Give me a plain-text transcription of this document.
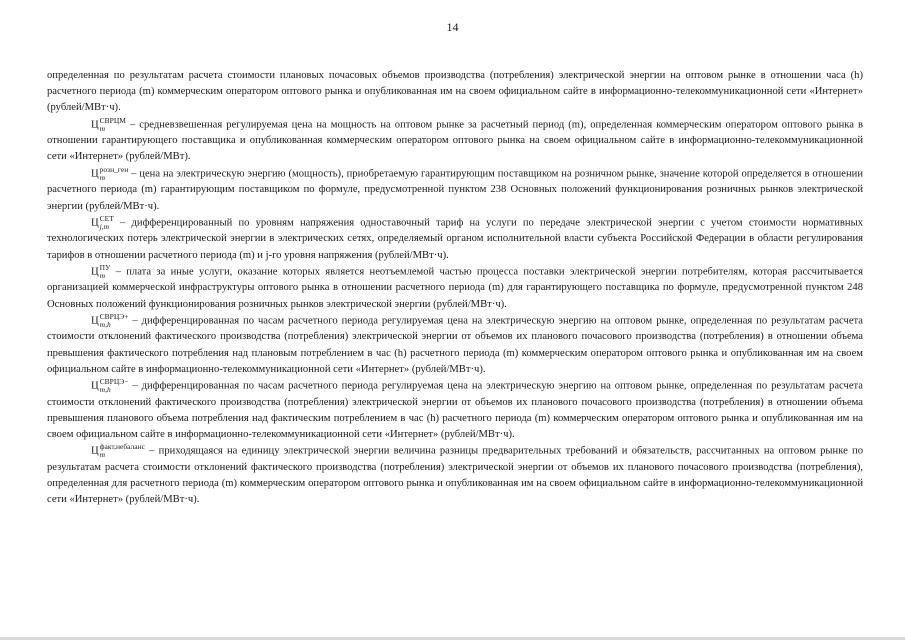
14

определенная по результатам расчета стоимости плановых почасовых объемов производства (потребления) электрической энергии на оптовом рынке в отношении часа (h) расчетного периода (m) коммерческим оператором оптового рынка и опубликованная им на своем официальном сайте в информационно-телекоммуникационной сети «Интернет» (рублей/МВт·ч).

Ц СВРЦМ
m	– средневзвешенная регулируемая цена на мощность на оптовом рынке за расчетный период (m), определенная коммерческим оператором оптового рынка в отношении гарантирующего поставщика и опубликованная коммерческим оператором оптового рынка на своем официальном сайте в информационно-телекоммуникационной сети «Интернет» (рублей/МВт).

Ц розн_ген
m	– цена на электрическую энергию (мощность), приобретаемую гарантирующим поставщиком на розничном рынке, значение которой определяется в отношении расчетного периода (m) гарантирующим поставщиком по формуле, предусмотренной пунктом 238 Основных положений функционирования розничных рынков электрической энергии (рублей/МВт·ч).

Ц СЕТ
j,m – дифференцированный по уровням напряжения одноставочный тариф на услуги по передаче электрической энергии с учетом стоимости нормативных технологических потерь электрической энергии в электрических сетях, определяемый органом исполнительной власти субъекта Российской Федерации в области регулирования тарифов в отношении расчетного периода (m) и j-го уровня напряжения (рублей/МВт·ч).

Ц ПУ
m – плата за иные услуги, оказание которых является неотъемлемой частью процесса поставки электрической энергии потребителям, которая рассчитывается организацией коммерческой инфраструктуры оптового рынка в отношении расчетного периода (m) для гарантирующего поставщика по формуле, предусмотренной пунктом 248 Основных положений функционирования розничных рынков электрической энергии (рублей/МВт·ч).

Ц СВРЦЭ+
m,h	– дифференцированная по часам расчетного периода регулируемая цена на электрическую энергию на оптовом рынке, определенная по результатам расчета стоимости отклонений фактического производства (потребления) электрической энергии от объемов их планового почасового производства (потребления) в отношении объема превышения фактического потребления над плановым потреблением в час (h) расчетного периода (m) коммерческим оператором оптового рынка и опубликованная им на своем официальном сайте в информационно-телекоммуникационной сети «Интернет» (рублей/МВт·ч).

Ц СВРЦЭ−
m,h	– дифференцированная по часам расчетного периода регулируемая цена на электрическую энергию на оптовом рынке, определенная по результатам расчета стоимости отклонений фактического производства (потребления) электрической энергии от объемов их планового почасового производства (потребления) в отношении объема превышения планового объема потребления над фактическим потреблением в час (h) расчетного периода (m) коммерческим оператором оптового рынка и опубликованная им на своем официальном сайте в информационно-телекоммуникационной сети «Интернет» (рублей/МВт·ч).

Ц факт,небаланс
m	– приходящаяся на единицу электрической энергии величина разницы предварительных требований и обязательств, рассчитанных на оптовом рынке по результатам расчета стоимости отклонений фактического производства (потребления) электрической энергии от объемов их планового почасового производства (потребления), определенная для расчетного периода (m) коммерческим оператором оптового рынка и опубликованная им на своем официальном сайте в информационно-телекоммуникационной сети «Интернет» (рублей/МВт·ч).
